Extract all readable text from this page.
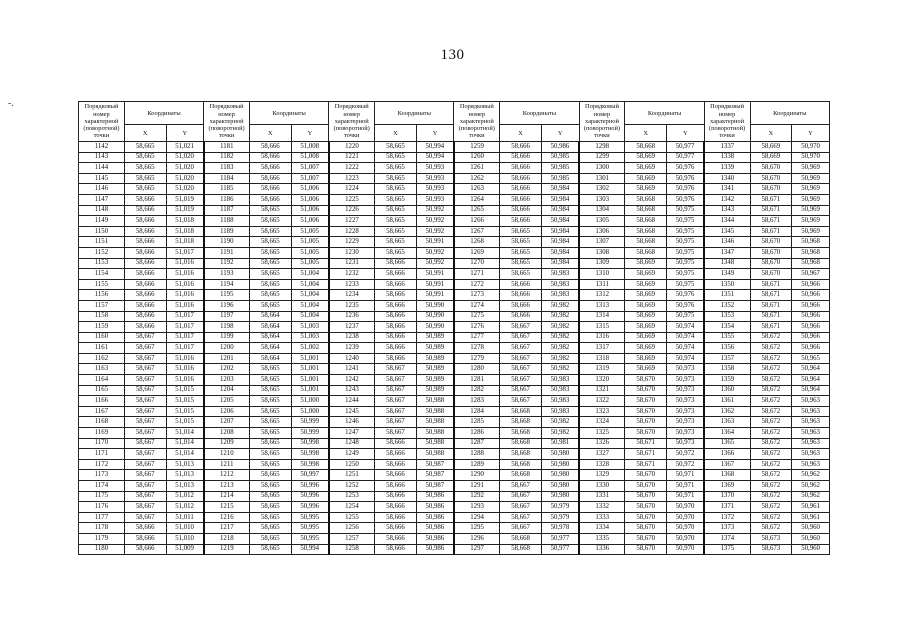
130
-.	Порядковый номер характерной (поворотной) точки	Координаты		Порядковый номер характерной (поворотной) точки	Координаты		Порядковый номер характерной (поворотной) точки	Координаты		Порядковый номер характерной (поворотной) точки	Координаты		Порядковый номер характерной (поворотной) точки	Координаты		Порядковый номер характерной (поворотной) точки	Координаты	
	X	Y		X	Y		X	Y		X	Y		X	Y		X	Y
1142	58,665	51,021	1181	58,666	51,008	1220	58,665	50,994	1259	58,666	50,986	1298	58,668	50,977	1337	58,669	50,970
1143	58,665	51,020	1182	58,666	51,008	1221	58,665	50,994	1260	58,666	50,985	1299	58,669	50,977	1338	58,669	50,970
1144	58,665	51,020	1183	58,666	51,007	1222	58,665	50,993	1261	58,666	50,985	1300	58,669	50,976	1339	58,670	50,969
1145	58,665	51,020	1184	58,666	51,007	1223	58,665	50,993	1262	58,666	50,985	1301	58,669	50,976	1340	58,670	50,969
1146	58,665	51,020	1185	58,666	51,006	1224	58,665	50,993	1263	58,666	50,984	1302	58,669	50,976	1341	58,670	50,969
1147	58,666	51,019	1186	58,666	51,006	1225	58,665	50,993	1264	58,666	50,984	1303	58,668	50,976	1342	58,671	50,969
1148	58,666	51,019	1187	58,665	51,006	1226	58,665	50,992	1265	58,666	50,984	1304	58,668	50,975	1343	58,671	50,969
1149	58,666	51,018	1188	58,665	51,006	1227	58,665	50,992	1266	58,666	50,984	1305	58,668	50,975	1344	58,671	50,969
1150	58,666	51,018	1189	58,665	51,005	1228	58,665	50,992	1267	58,665	50,984	1306	58,668	50,975	1345	58,671	50,969
1151	58,666	51,018	1190	58,665	51,005	1229	58,665	50,991	1268	58,665	50,984	1307	58,668	50,975	1346	58,670	50,968
1152	58,666	51,017	1191	58,665	51,005	1230	58,665	50,992	1269	58,665	50,984	1308	58,668	50,975	1347	58,670	50,968
1153	58,666	51,016	1192	58,665	51,005	1231	58,666	50,992	1270	58,665	50,984	1309	58,669	50,975	1348	58,670	50,968
1154	58,666	51,016	1193	58,665	51,004	1232	58,666	50,991	1271	58,665	50,983	1310	58,669	50,975	1349	58,670	50,967
1155	58,666	51,016	1194	58,665	51,004	1233	58,666	50,991	1272	58,666	50,983	1311	58,669	50,975	1350	58,671	50,966
1156	58,666	51,016	1195	58,665	51,004	1234	58,666	50,991	1273	58,666	50,983	1312	58,669	50,976	1351	58,671	50,966
1157	58,666	51,016	1196	58,665	51,004	1235	58,666	50,990	1274	58,666	50,982	1313	58,669	50,976	1352	58,671	50,966
1158	58,666	51,017	1197	58,664	51,004	1236	58,666	50,990	1275	58,666	50,982	1314	58,669	50,975	1353	58,671	50,966
1159	58,666	51,017	1198	58,664	51,003	1237	58,666	50,990	1276	58,667	50,982	1315	58,669	50,974	1354	58,671	50,966
1160	58,667	51,017	1199	58,664	51,003	1238	58,666	50,989	1277	58,667	50,982	1316	58,669	50,974	1355	58,672	50,966
1161	58,667	51,017	1200	58,664	51,002	1239	58,666	50,989	1278	58,667	50,982	1317	58,669	50,974	1356	58,672	50,966
1162	58,667	51,016	1201	58,664	51,001	1240	58,666	50,989	1279	58,667	50,982	1318	58,669	50,974	1357	58,672	50,965
1163	58,667	51,016	1202	58,665	51,001	1241	58,667	50,989	1280	58,667	50,982	1319	58,669	50,973	1358	58,672	50,964
1164	58,667	51,016	1203	58,665	51,001	1242	58,667	50,989	1281	58,667	50,983	1320	58,670	50,973	1359	58,672	50,964
1165	58,667	51,015	1204	58,665	51,001	1243	58,667	50,989	1282	58,667	50,983	1321	58,670	50,973	1360	58,672	50,964
1166	58,667	51,015	1205	58,665	51,000	1244	58,667	50,988	1283	58,667	50,983	1322	58,670	50,973	1361	58,672	50,963
1167	58,667	51,015	1206	58,665	51,000	1245	58,667	50,988	1284	58,668	50,983	1323	58,670	50,973	1362	58,672	50,963
1168	58,667	51,015	1207	58,665	50,999	1246	58,667	50,988	1285	58,668	50,982	1324	58,670	50,973	1363	58,672	50,963
1169	58,667	51,014	1208	58,665	50,999	1247	58,667	50,988	1286	58,668	50,982	1325	58,670	50,973	1364	58,672	50,963
1170	58,667	51,014	1209	58,665	50,998	1248	58,666	50,988	1287	58,668	50,981	1326	58,671	50,973	1365	58,672	50,963
1171	58,667	51,014	1210	58,665	50,998	1249	58,666	50,988	1288	58,668	50,980	1327	58,671	50,972	1366	58,672	50,963
1172	58,667	51,013	1211	58,665	50,998	1250	58,666	50,987	1289	58,668	50,980	1328	58,671	50,972	1367	58,672	50,963
1173	58,667	51,013	1212	58,665	50,997	1251	58,666	50,987	1290	58,668	50,980	1329	58,670	50,971	1368	58,672	50,962
1174	58,667	51,013	1213	58,665	50,996	1252	58,666	50,987	1291	58,667	50,980	1330	58,670	50,971	1369	58,672	50,962
1175	58,667	51,012	1214	58,665	50,996	1253	58,666	50,986	1292	58,667	50,980	1331	58,670	50,971	1370	58,672	50,962
1176	58,667	51,012	1215	58,665	50,996	1254	58,666	50,986	1293	58,667	50,979	1332	58,670	50,970	1371	58,672	50,961
1177	58,667	51,011	1216	58,665	50,995	1255	58,666	50,986	1294	58,667	50,979	1333	58,670	50,970	1372	58,672	50,961
1178	58,666	51,010	1217	58,665	50,995	1256	58,666	50,986	1295	58,667	50,978	1334	58,670	50,970	1373	58,672	50,960
1179	58,666	51,010	1218	58,665	50,995	1257	58,666	50,986	1296	58,668	50,977	1335	58,670	50,970	1374	58,673	50,960
1180	58,666	51,009	1219	58,665	50,994	1258	58,666	50,986	1297	58,668	50,977	1336	58,670	50,970	1375	58,673	50,960
